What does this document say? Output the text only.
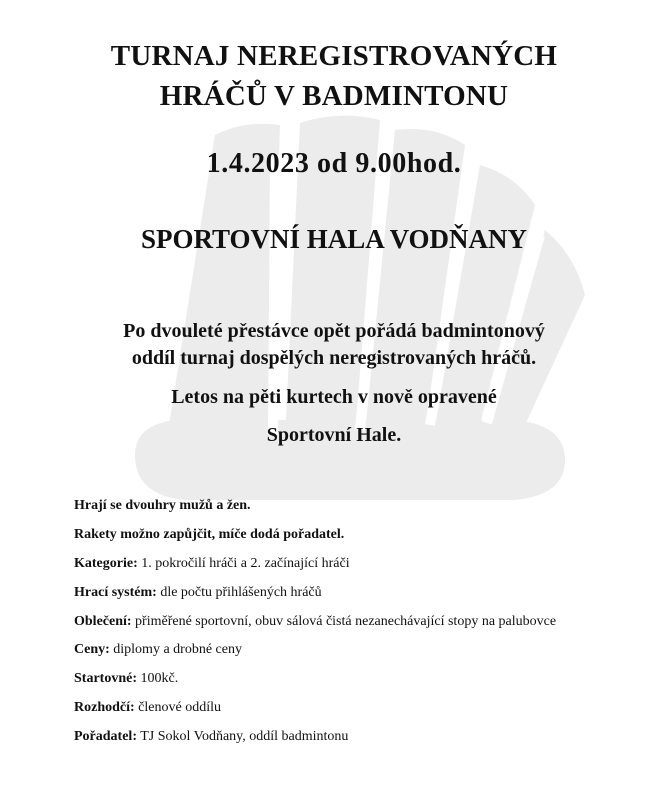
TURNAJ NEREGISTROVANÝCH
HRÁČŮ V BADMINTONU
1.4.2023 od 9.00hod.
SPORTOVNÍ HALA VODŇANY
Po dvouleté přestávce opět pořádá badmintonový
oddíl turnaj dospělých neregistrovaných hráčů.
Letos na pěti kurtech v nově opravené
Sportovní Hale.
Hrají se dvouhry mužů a žen.
Rakety možno zapůjčit, míče dodá pořadatel.
Kategorie: 1. pokročilí hráči a 2. začínající hráči
Hrací systém: dle počtu přihlášených hráčů
Oblečení: přiměřené sportovní, obuv sálová čistá nezanechávající stopy na palubovce
Ceny: diplomy a drobné ceny
Startovné: 100kč.
Rozhodčí: členové oddílu
Pořadatel: TJ Sokol Vodňany, oddíl badmintonu
